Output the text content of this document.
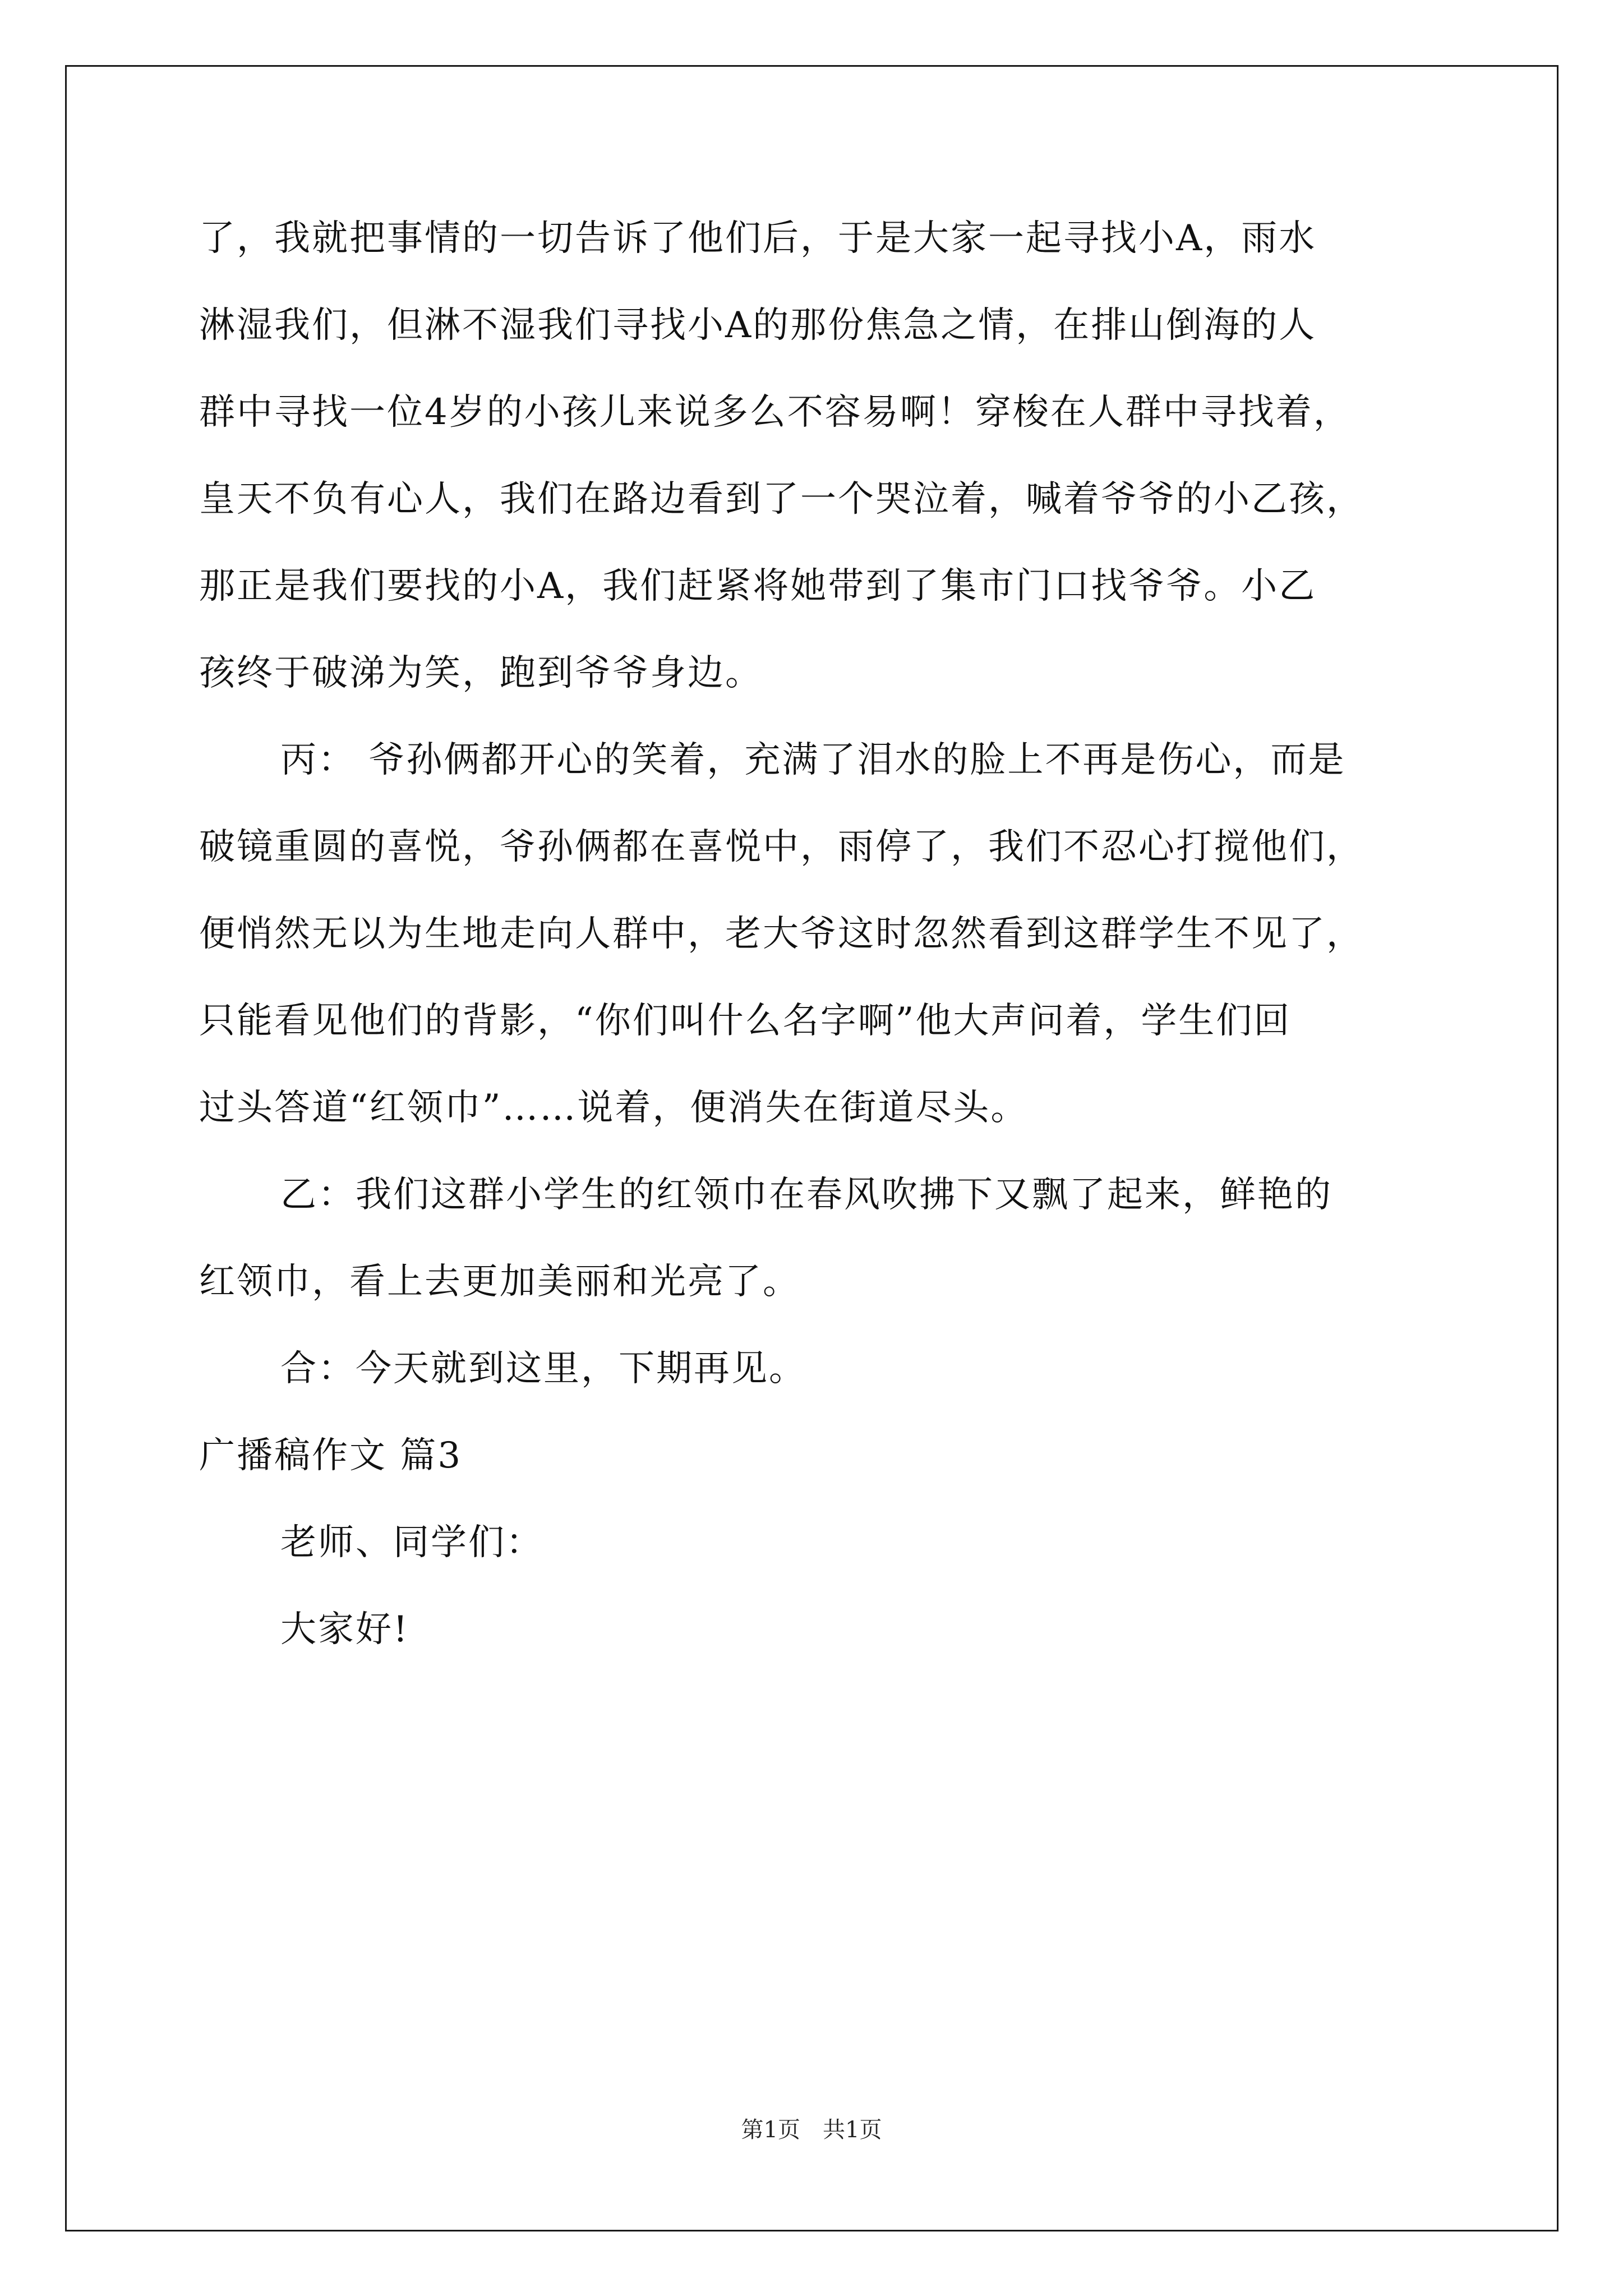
了，我就把事情的一切告诉了他们后，于是大家一起寻找小A，雨水
淋湿我们，但淋不湿我们寻找小A的那份焦急之情，在排山倒海的人
群中寻找一位4岁的小孩儿来说多么不容易啊！穿梭在人群中寻找着，
皇天不负有心人，我们在路边看到了一个哭泣着，喊着爷爷的小乙孩，
那正是我们要找的小A，我们赶紧将她带到了集市门口找爷爷。小乙
孩终于破涕为笑，跑到爷爷身边。
丙： 爷孙俩都开心的笑着，充满了泪水的脸上不再是伤心，而是
破镜重圆的喜悦，爷孙俩都在喜悦中，雨停了，我们不忍心打搅他们，
便悄然无以为生地走向人群中，老大爷这时忽然看到这群学生不见了，
只能看见他们的背影，“你们叫什么名字啊”他大声问着，学生们回
过头答道“红领巾”……说着，便消失在街道尽头。
乙：我们这群小学生的红领巾在春风吹拂下又飘了起来，鲜艳的
红领巾，看上去更加美丽和光亮了。
合：今天就到这里，下期再见。
广播稿作文 篇3
老师、同学们：
大家好!
第1页 共1页
